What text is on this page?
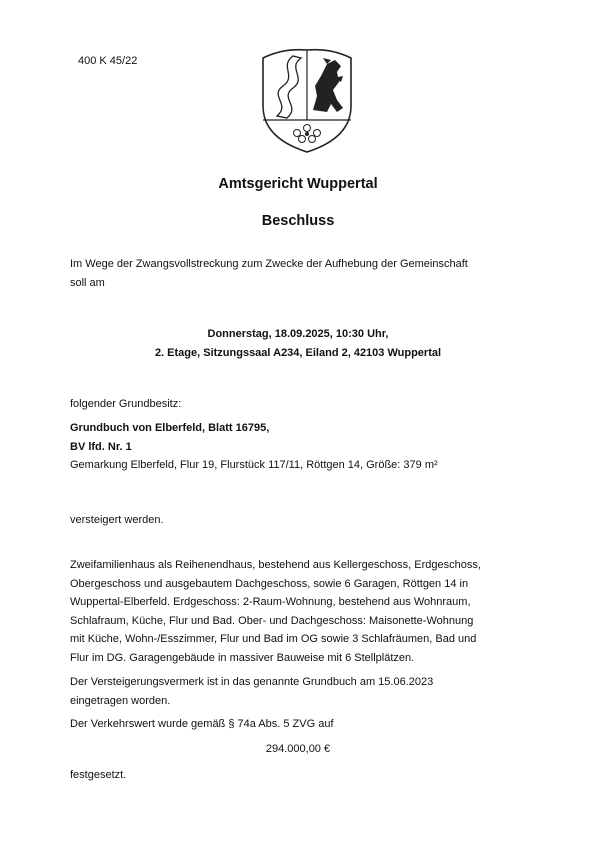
400 K 45/22
Amtsgericht Wuppertal
Beschluss
Im Wege der Zwangsvollstreckung zum Zwecke der Aufhebung der Gemeinschaft
soll am
Donnerstag, 18.09.2025, 10:30 Uhr,
2. Etage, Sitzungssaal A234, Eiland 2, 42103 Wuppertal
folgender Grundbesitz:
Grundbuch von Elberfeld, Blatt 16795,
BV lfd. Nr. 1
Gemarkung Elberfeld, Flur 19, Flurstück 117/11, Röttgen 14, Größe: 379 m²
versteigert werden.
Zweifamilienhaus als Reihenendhaus, bestehend aus Kellergeschoss, Erdgeschoss,
Obergeschoss und ausgebautem Dachgeschoss, sowie 6 Garagen, Röttgen 14 in
Wuppertal-Elberfeld. Erdgeschoss: 2-Raum-Wohnung, bestehend aus Wohnraum,
Schlafraum, Küche, Flur und Bad. Ober- und Dachgeschoss: Maisonette-Wohnung
mit Küche, Wohn-/Esszimmer, Flur und Bad im OG sowie 3 Schlafräumen, Bad und
Flur im DG. Garagengebäude in massiver Bauweise mit 6 Stellplätzen.
Der Versteigerungsvermerk ist in das genannte Grundbuch am 15.06.2023
eingetragen worden.
Der Verkehrswert wurde gemäß § 74a Abs. 5 ZVG auf
294.000,00 €
festgesetzt.
